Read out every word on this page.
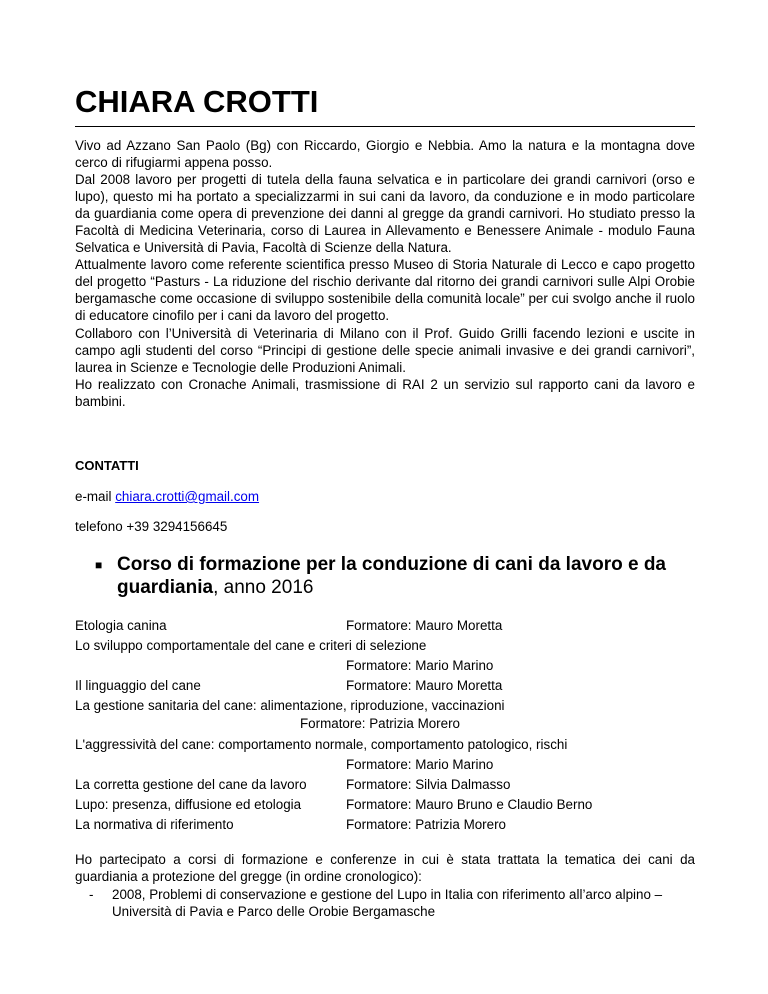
CHIARA CROTTI

Vivo ad Azzano San Paolo (Bg) con Riccardo, Giorgio e Nebbia. Amo la natura e la montagna dove cerco di rifugiarmi appena posso.

Dal 2008 lavoro per progetti di tutela della fauna selvatica e in particolare dei grandi carnivori (orso e lupo), questo mi ha portato a specializzarmi in sui cani da lavoro, da conduzione e in modo particolare da guardiania come opera di prevenzione dei danni al gregge da grandi carnivori. Ho studiato presso la Facoltà di Medicina Veterinaria, corso di Laurea in Allevamento e Benessere Animale - modulo Fauna Selvatica e Università di Pavia, Facoltà di Scienze della Natura.

Attualmente lavoro come referente scientifica presso Museo di Storia Naturale di Lecco e capo progetto del progetto “Pasturs - La riduzione del rischio derivante dal ritorno dei grandi carnivori sulle Alpi Orobie bergamasche come occasione di sviluppo sostenibile della comunità locale” per cui svolgo anche il ruolo di educatore cinofilo per i cani da lavoro del progetto.

Collaboro con l’Università di Veterinaria di Milano con il Prof. Guido Grilli facendo lezioni e uscite in campo agli studenti del corso “Principi di gestione delle specie animali invasive e dei grandi carnivori”, laurea in Scienze e Tecnologie delle Produzioni Animali.

Ho realizzato con Cronache Animali, trasmissione di RAI 2 un servizio sul rapporto cani da lavoro e bambini.

CONTATTI
e-mail chiara.crotti@gmail.com
telefono +39 3294156645
■ Corso di formazione per la conduzione di cani da lavoro e da guardiania, anno 2016
Etologia canina	Formatore: Mauro Moretta
Lo sviluppo comportamentale del cane e criteri di selezione
Formatore: Mario Marino
Il linguaggio del cane	Formatore: Mauro Moretta
La gestione sanitaria del cane: alimentazione, riproduzione, vaccinazioni
Formatore: Patrizia Morero
L'aggressività del cane: comportamento normale, comportamento patologico, rischi
Formatore: Mario Marino
La corretta gestione del cane da lavoro	Formatore: Silvia Dalmasso
Lupo: presenza, diffusione ed etologia	Formatore: Mauro Bruno e Claudio Berno
La normativa di riferimento	Formatore: Patrizia Morero
Ho partecipato a corsi di formazione e conferenze in cui è stata trattata la tematica dei cani da guardiania a protezione del gregge (in ordine cronologico):
- 2008, Problemi di conservazione e gestione del Lupo in Italia con riferimento all’arco alpino – Università di Pavia e Parco delle Orobie Bergamasche
